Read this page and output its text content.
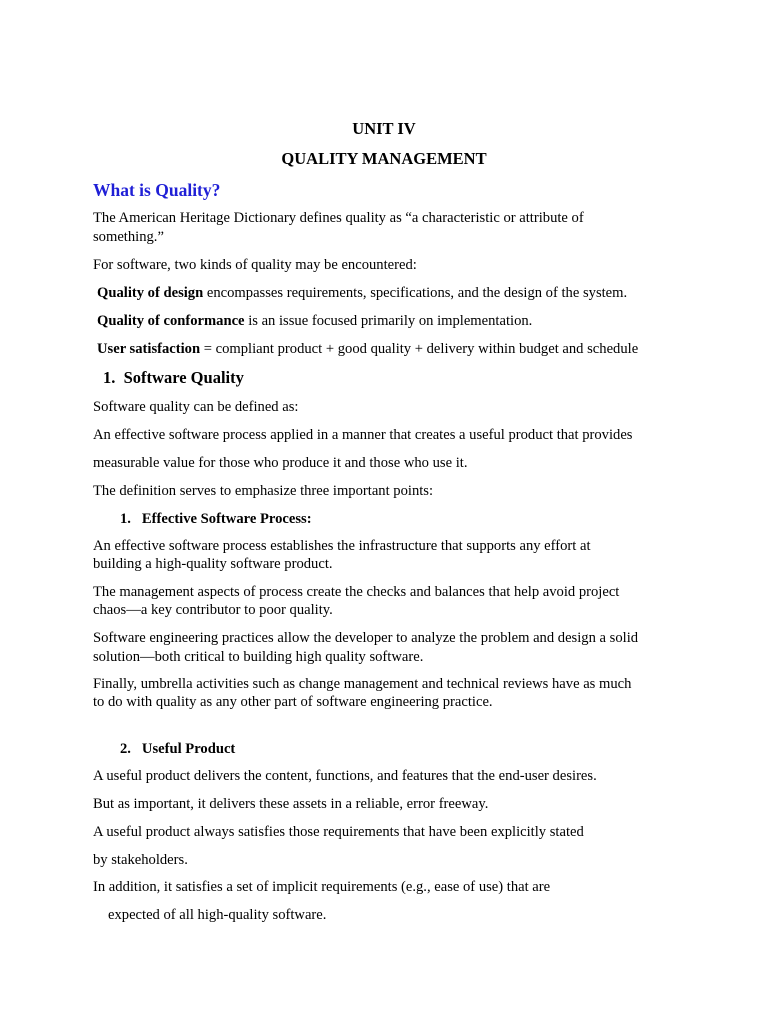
UNIT IV
QUALITY MANAGEMENT
What is Quality?
The American Heritage Dictionary defines quality as “a characteristic or attribute of
something.”
For software, two kinds of quality may be encountered:
Quality of design encompasses requirements, specifications, and the design of the system.
Quality of conformance is an issue focused primarily on implementation.
User satisfaction = compliant product + good quality + delivery within budget and schedule
1. Software Quality
Software quality can be defined as:
An effective software process applied in a manner that creates a useful product that provides
measurable value for those who produce it and those who use it.
The definition serves to emphasize three important points:
1. Effective Software Process:
An effective software process establishes the infrastructure that supports any effort at
building a high-quality software product.
The management aspects of process create the checks and balances that help avoid project
chaos—a key contributor to poor quality.
Software engineering practices allow the developer to analyze the problem and design a solid
solution—both critical to building high quality software.
Finally, umbrella activities such as change management and technical reviews have as much
to do with quality as any other part of software engineering practice.
2. Useful Product
A useful product delivers the content, functions, and features that the end-user desires.
But as important, it delivers these assets in a reliable, error freeway.
A useful product always satisfies those requirements that have been explicitly stated
by stakeholders.
In addition, it satisfies a set of implicit requirements (e.g., ease of use) that are
expected of all high-quality software.
